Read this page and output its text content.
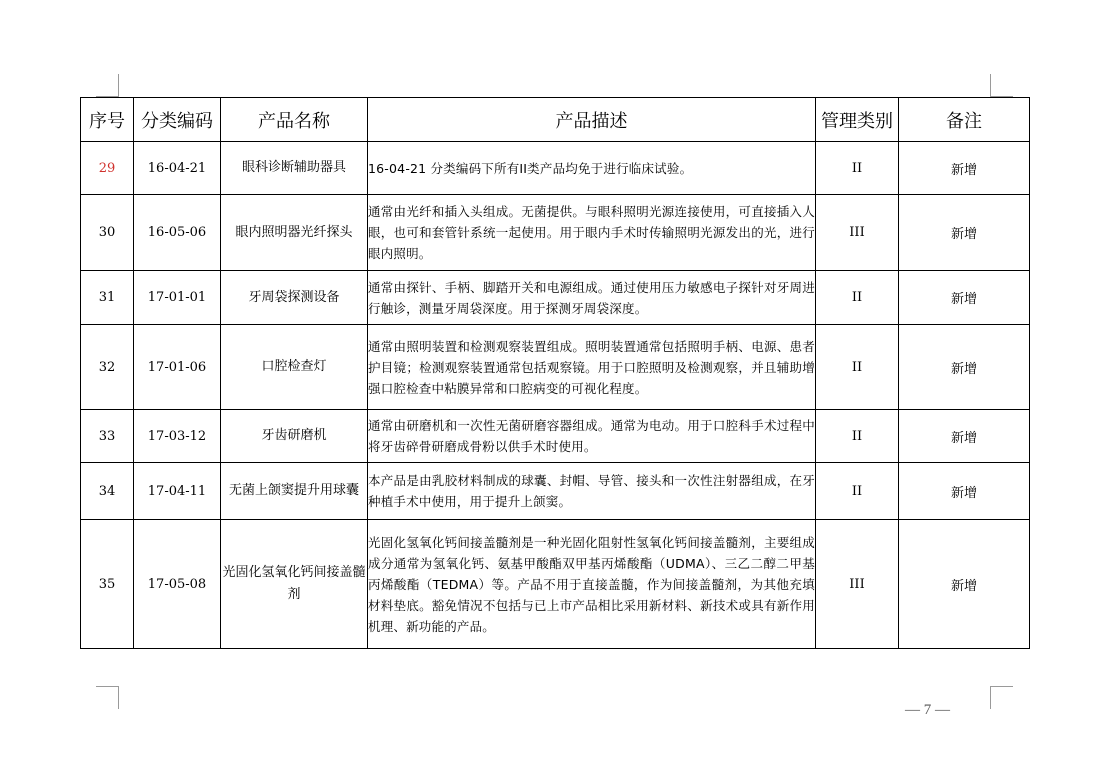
序号	分类编码	产品名称	产品描述	管理类别	备注
29	16-04-21	眼科诊断辅助器具	16-04-21 分类编码下所有II类产品均免于进行临床试验。	II	新增
30	16-05-06	眼内照明器光纤探头	通常由光纤和插入头组成。无菌提供。与眼科照明光源连接使用，可直接插入人眼，也可和套管针系统一起使用。用于眼内手术时传输照明光源发出的光，进行眼内照明。	III	新增
31	17-01-01	牙周袋探测设备	通常由探针、手柄、脚踏开关和电源组成。通过使用压力敏感电子探针对牙周进行触诊，测量牙周袋深度。用于探测牙周袋深度。	II	新增
32	17-01-06	口腔检查灯	通常由照明装置和检测观察装置组成。照明装置通常包括照明手柄、电源、患者护目镜；检测观察装置通常包括观察镜。用于口腔照明及检测观察，并且辅助增强口腔检查中粘膜异常和口腔病变的可视化程度。	II	新增
33	17-03-12	牙齿研磨机	通常由研磨机和一次性无菌研磨容器组成。通常为电动。用于口腔科手术过程中将牙齿碎骨研磨成骨粉以供手术时使用。	II	新增
34	17-04-11	无菌上颌窦提升用球囊	本产品是由乳胶材料制成的球囊、封帽、导管、接头和一次性注射器组成，在牙种植手术中使用，用于提升上颌窦。	II	新增
35	17-05-08	光固化氢氧化钙间接盖髓剂	光固化氢氧化钙间接盖髓剂是一种光固化阻射性氢氧化钙间接盖髓剂，主要组成成分通常为氢氧化钙、氨基甲酸酯双甲基丙烯酸酯（UDMA）、三乙二醇二甲基丙烯酸酯（TEDMA）等。产品不用于直接盖髓，作为间接盖髓剂，为其他充填材料垫底。豁免情况不包括与已上市产品相比采用新材料、新技术或具有新作用机理、新功能的产品。	III	新增
— 7 —
